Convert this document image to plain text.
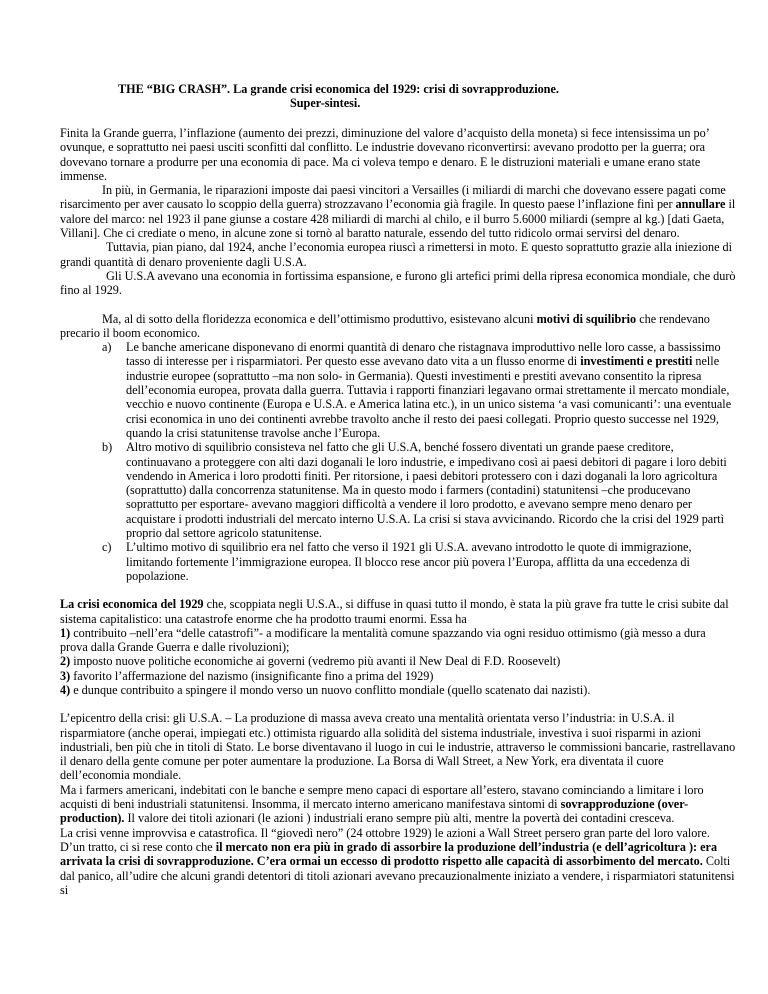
THE “BIG CRASH”. La grande crisi economica del 1929: crisi di sovrapproduzione.
Super-sintesi.

Finita la Grande guerra, l’inflazione (aumento dei prezzi, diminuzione del valore d’acquisto della moneta) si fece intensissima un po’ ovunque, e soprattutto nei paesi usciti sconfitti dal conflitto. Le industrie dovevano riconvertirsi: avevano prodotto per la guerra; ora dovevano tornare a produrre per una economia di pace. Ma ci voleva tempo e denaro. E le distruzioni materiali e umane erano state immense.

In più, in Germania, le riparazioni imposte dai paesi vincitori a Versailles (i miliardi di marchi che dovevano essere pagati come risarcimento per aver causato lo scoppio della guerra) strozzavano l’economia già fragile. In questo paese l’inflazione finì per annullare il valore del marco: nel 1923 il pane giunse a costare 428 miliardi di marchi al chilo, e il burro 5.6000 miliardi (sempre al kg.) [dati Gaeta, Villani]. Che ci crediate o meno, in alcune zone si tornò al baratto naturale, essendo del tutto ridicolo ormai servirsi del denaro.

Tuttavia, pian piano, dal 1924, anche l’economia europea riuscì a rimettersi in moto. E questo soprattutto grazie alla iniezione di grandi quantità di denaro proveniente dagli U.S.A.

Gli U.S.A avevano una economia in fortissima espansione, e furono gli artefici primi della ripresa economica mondiale, che durò fino al 1929.

Ma, al di sotto della floridezza economica e dell’ottimismo produttivo, esistevano alcuni motivi di squilibrio che rendevano precario il boom economico.

a) Le banche americane disponevano di enormi quantità di denaro che ristagnava improduttivo nelle loro casse, a bassissimo tasso di interesse per i risparmiatori. Per questo esse avevano dato vita a un flusso enorme di investimenti e prestiti nelle industrie europee (soprattutto –ma non solo- in Germania). Questi investimenti e prestiti avevano consentito la ripresa dell’economia europea, provata dalla guerra. Tuttavia i rapporti finanziari legavano ormai strettamente il mercato mondiale, vecchio e nuovo continente (Europa e U.S.A. e America latina etc.), in un unico sistema ‘a vasi comunicanti’: una eventuale crisi economica in uno dei continenti avrebbe travolto anche il resto dei paesi collegati. Proprio questo successe nel 1929, quando la crisi statunitense travolse anche l’Europa.
b) Altro motivo di squilibrio consisteva nel fatto che gli U.S.A, benché fossero diventati un grande paese creditore, continuavano a proteggere con alti dazi doganali le loro industrie, e impedivano così ai paesi debitori di pagare i loro debiti vendendo in America i loro prodotti finiti. Per ritorsione, i paesi debitori protessero con i dazi doganali la loro agricoltura (soprattutto) dalla concorrenza statunitense. Ma in questo modo i farmers (contadini) statunitensi –che producevano soprattutto per esportare- avevano maggiori difficoltà a vendere il loro prodotto, e avevano sempre meno denaro per acquistare i prodotti industriali del mercato interno U.S.A. La crisi si stava avvicinando. Ricordo che la crisi del 1929 partì proprio dal settore agricolo statunitense.
c) L’ultimo motivo di squilibrio era nel fatto che verso il 1921 gli U.S.A. avevano introdotto le quote di immigrazione, limitando fortemente l’immigrazione europea. Il blocco rese ancor più povera l’Europa, afflitta da una eccedenza di popolazione.

La crisi economica del 1929 che, scoppiata negli U.S.A., si diffuse in quasi tutto il mondo, è stata la più grave fra tutte le crisi subite dal sistema capitalistico: una catastrofe enorme che ha prodotto traumi enormi. Essa ha

1) contribuito –nell’era “delle catastrofi”- a modificare la mentalità comune spazzando via ogni residuo ottimismo (già messo a dura prova dalla Grande Guerra e dalle rivoluzioni);

2) imposto nuove politiche economiche ai governi (vedremo più avanti il New Deal di F.D. Roosevelt)

3) favorito l’affermazione del nazismo (insignificante fino a prima del 1929)

4) e dunque contribuito a spingere il mondo verso un nuovo conflitto mondiale (quello scatenato dai nazisti).

L’epicentro della crisi: gli U.S.A. – La produzione di massa aveva creato una mentalità orientata verso l’industria: in U.S.A. il risparmiatore (anche operai, impiegati etc.) ottimista riguardo alla solidità del sistema industriale, investiva i suoi risparmi in azioni industriali, ben più che in titoli di Stato. Le borse diventavano il luogo in cui le industrie, attraverso le commissioni bancarie, rastrellavano il denaro della gente comune per poter aumentare la produzione. La Borsa di Wall Street, a New York, era diventata il cuore dell’economia mondiale.

Ma i farmers americani, indebitati con le banche e sempre meno capaci di esportare all’estero, stavano cominciando a limitare i loro acquisti di beni industriali statunitensi. Insomma, il mercato interno americano manifestava sintomi di sovrapproduzione (over-production). Il valore dei titoli azionari (le azioni ) industriali erano sempre più alti, mentre la povertà dei contadini cresceva.

La crisi venne improvvisa e catastrofica. Il “giovedì nero” (24 ottobre 1929) le azioni a Wall Street persero gran parte del loro valore. D’un tratto, ci si rese conto che il mercato non era più in grado di assorbire la produzione dell’industria (e dell’agricoltura ): era arrivata la crisi di sovrapproduzione. C’era ormai un eccesso di prodotto rispetto alle capacità di assorbimento del mercato. Colti dal panico, all’udire che alcuni grandi detentori di titoli azionari avevano precauzionalmente iniziato a vendere, i risparmiatori statunitensi si
